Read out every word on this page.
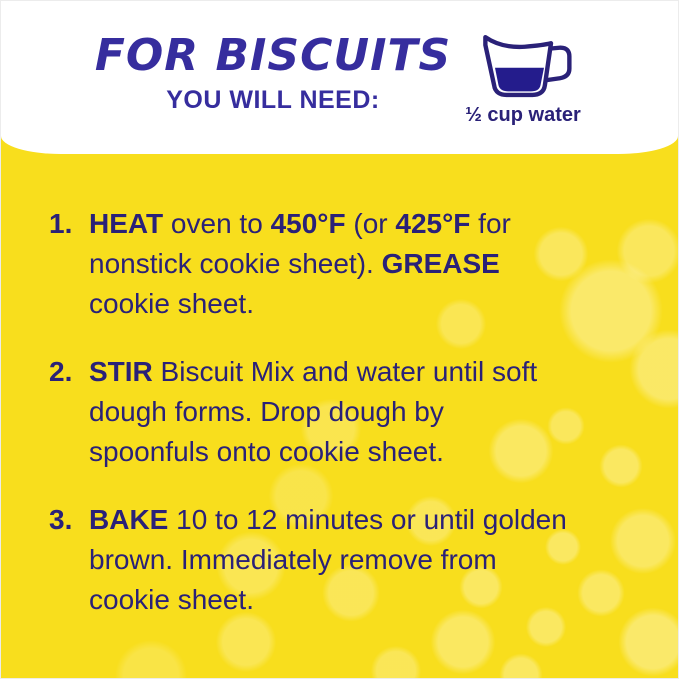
FOR BISCUITS
YOU WILL NEED:
½ cup water
1. HEAT oven to 450°F (or 425°F for
nonstick cookie sheet). GREASE
cookie sheet.
2. STIR Biscuit Mix and water until soft
dough forms. Drop dough by
spoonfuls onto cookie sheet.
3. BAKE 10 to 12 minutes or until golden
brown. Immediately remove from
cookie sheet.
